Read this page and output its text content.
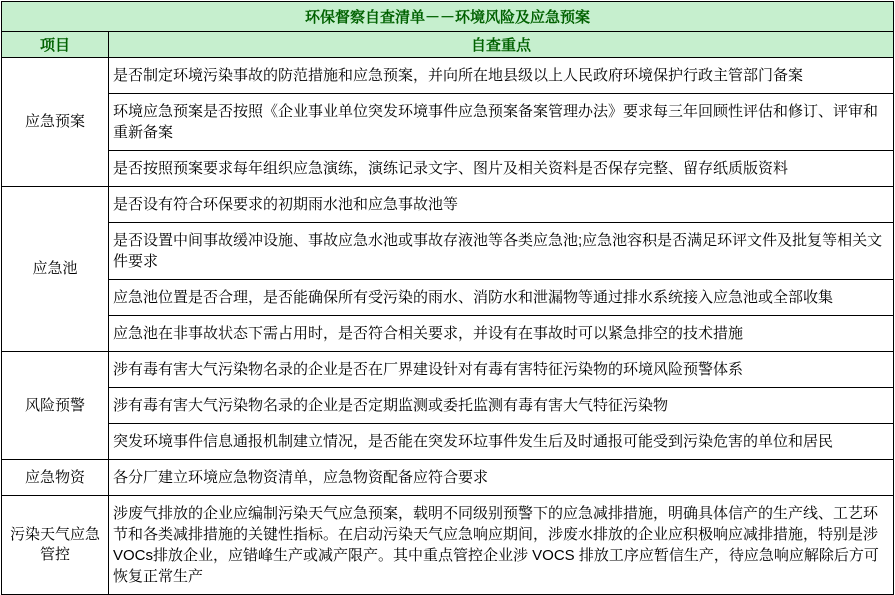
环保督察自查清单－－环境风险及应急预案	
项目	自查重点
应急预案	是否制定环境污染事故的防范措施和应急预案，并向所在地县级以上人民政府环境保护行政主管部门备案
	环境应急预案是否按照《企业事业单位突发环境事件应急预案备案管理办法》要求每三年回顾性评估和修订、评审和重新备案
	是否按照预案要求每年组织应急演练，演练记录文字、图片及相关资料是否保存完整、留存纸质版资料
应急池	是否设有符合环保要求的初期雨水池和应急事故池等
	是否设置中间事故缓冲设施、事故应急水池或事故存液池等各类应急池;应急池容积是否满足环评文件及批复等相关文件要求
	应急池位置是否合理，是否能确保所有受污染的雨水、消防水和泄漏物等通过排水系统接入应急池或全部收集
	应急池在非事故状态下需占用时，是否符合相关要求，并设有在事故时可以紧急排空的技术措施
风险预警	涉有毒有害大气污染物名录的企业是否在厂界建设针对有毒有害特征污染物的环境风险预警体系
	涉有毒有害大气污染物名录的企业是否定期监测或委托监测有毒有害大气特征污染物
	突发环境事件信息通报机制建立情况，是否能在突发环垃事件发生后及时通报可能受到污染危害的单位和居民
应急物资	各分厂建立环境应急物资清单，应急物资配备应符合要求
污染天气应急管控	涉废气排放的企业应编制污染天气应急预案，载明不同级别预警下的应急减排措施，明确具体信产的生产线、工艺环节和各类减排措施的关键性指标。在启动污染天气应急响应期间，涉废水排放的企业应积极响应减排措施，特别是涉VOCs排放企业，应错峰生产或减产限产。其中重点管控企业涉 VOCS 排放工序应暂信生产，待应急响应解除后方可恢复正常生产
